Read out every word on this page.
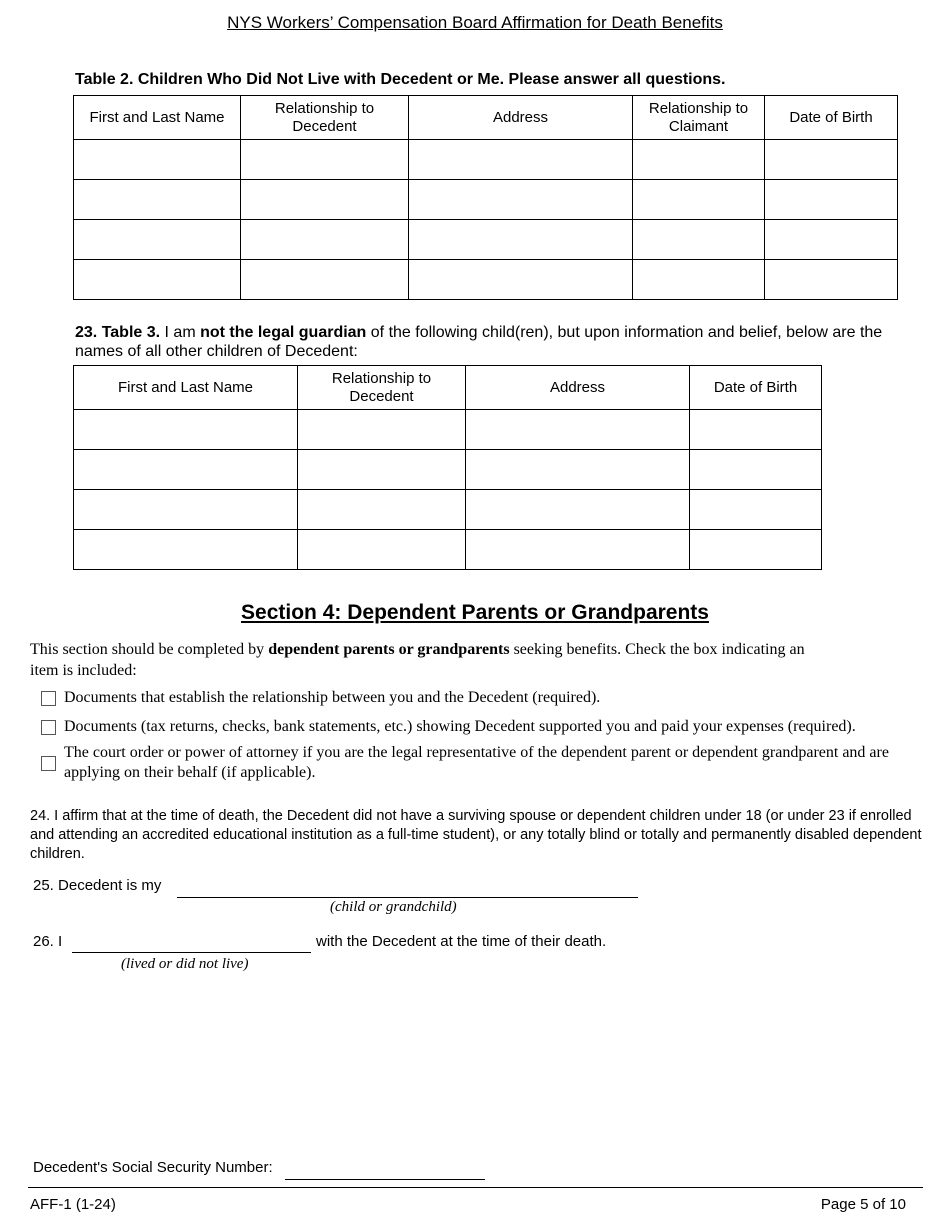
NYS Workers’ Compensation Board Affirmation for Death Benefits
Table 2. Children Who Did Not Live with Decedent or Me. Please answer all questions.
First and Last Name	Relationship to Decedent	Address	Relationship to Claimant	Date of Birth

23. Table 3. I am not the legal guardian of the following child(ren), but upon information and belief, below are the names of all other children of Decedent:
First and Last Name	Relationship to Decedent	Address	Date of Birth

Section 4: Dependent Parents or Grandparents
This section should be completed by dependent parents or grandparents seeking benefits. Check the box indicating an item is included:
Documents that establish the relationship between you and the Decedent (required).
Documents (tax returns, checks, bank statements, etc.) showing Decedent supported you and paid your expenses (required).
The court order or power of attorney if you are the legal representative of the dependent parent or dependent grandparent and are applying on their behalf (if applicable).
24. I affirm that at the time of death, the Decedent did not have a surviving spouse or dependent children under 18 (or under 23 if enrolled and attending an accredited educational institution as a full-time student), or any totally blind or totally and permanently disabled dependent children.
25. Decedent is my
(child or grandchild)
26. I	with the Decedent at the time of their death.
(lived or did not live)
Decedent's Social Security Number:
AFF-1 (1-24)	Page 5 of 10
